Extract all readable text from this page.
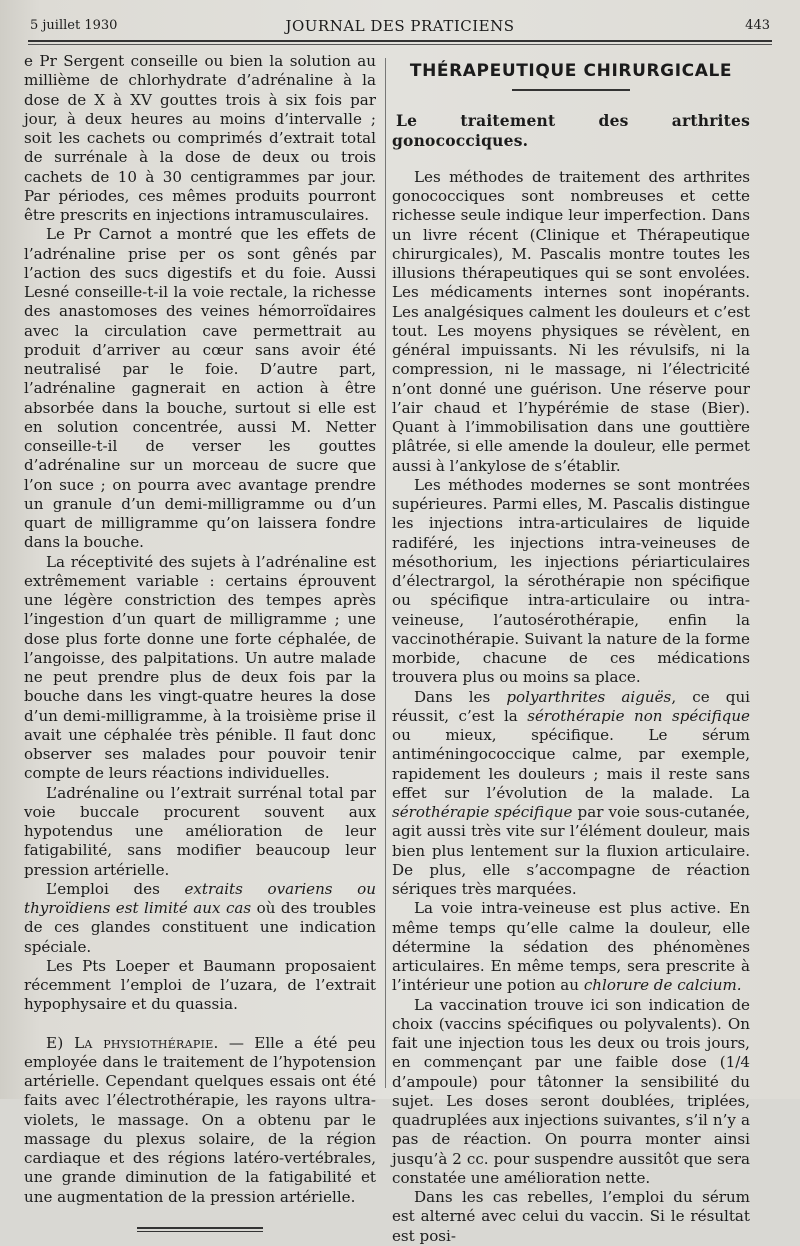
5 juillet 1930	JOURNAL DES PRATICIENS	443

e Pr Sergent conseille ou bien la solution au millième de chlorhydrate d’adrénaline à la dose de X à XV gouttes trois à six fois par jour, à deux heures au moins d’intervalle ; soit les cachets ou comprimés d’extrait total de surrénale à la dose de deux ou trois cachets de 10 à 30 centigrammes par jour. Par périodes, ces mêmes produits pourront être prescrits en injections intramusculaires.

Le Pr Carnot a montré que les effets de l’adrénaline prise per os sont gênés par l’action des sucs digestifs et du foie. Aussi Lesné conseille-t-il la voie rectale, la richesse des anastomoses des veines hémorroïdaires avec la circulation cave permettrait au produit d’arriver au cœur sans avoir été neutralisé par le foie. D’autre part, l’adrénaline gagnerait en action à être absorbée dans la bouche, surtout si elle est en solution concentrée, aussi M. Netter conseille-t-il de verser les gouttes d’adrénaline sur un morceau de sucre que l’on suce ; on pourra avec avantage prendre un granule d’un demi-milligramme ou d’un quart de milligramme qu’on laissera fondre dans la bouche.

La réceptivité des sujets à l’adrénaline est extrêmement variable : certains éprouvent une légère constriction des tempes après l’ingestion d’un quart de milligramme ; une dose plus forte donne une forte céphalée, de l’angoisse, des palpitations. Un autre malade ne peut prendre plus de deux fois par la bouche dans les vingt-quatre heures la dose d’un demi-milligramme, à la troisième prise il avait une céphalée très pénible. Il faut donc observer ses malades pour pouvoir tenir compte de leurs réactions individuelles.

L’adrénaline ou l’extrait surrénal total par voie buccale procurent souvent aux hypotendus une amélioration de leur fatigabilité, sans modifier beaucoup leur pression artérielle.

L’emploi des extraits ovariens ou thyroïdiens est limité aux cas où des troubles de ces glandes constituent une indication spéciale.

Les Pts Loeper et Baumann proposaient récemment l’emploi de l’uzara, de l’extrait hypophysaire et du quassia.

E) La physiothérapie. — Elle a été peu employée dans le traitement de l’hypotension artérielle. Cependant quelques essais ont été faits avec l’électrothérapie, les rayons ultra-violets, le massage. On a obtenu par le massage du plexus solaire, de la région cardiaque et des régions latéro-vertébrales, une grande diminution de la fatigabilité et une augmentation de la pression artérielle.

THÉRAPEUTIQUE CHIRURGICALE
Le traitement des arthrites gonococciques.

Les méthodes de traitement des arthrites gonococciques sont nombreuses et cette richesse seule indique leur imperfection. Dans un livre récent (Clinique et Thérapeutique chirurgicales), M. Pascalis montre toutes les illusions thérapeutiques qui se sont envolées. Les médicaments internes sont inopérants. Les analgésiques calment les douleurs et c’est tout. Les moyens physiques se révèlent, en général impuissants. Ni les révulsifs, ni la compression, ni le massage, ni l’électricité n’ont donné une guérison. Une réserve pour l’air chaud et l’hypérémie de stase (Bier). Quant à l’immobilisation dans une gouttière plâtrée, si elle amende la douleur, elle permet aussi à l’ankylose de s’établir.

Les méthodes modernes se sont montrées supérieures. Parmi elles, M. Pascalis distingue les injections intra-articulaires de liquide radiféré, les injections intra-veineuses de mésothorium, les injections périarticulaires d’électrargol, la sérothérapie non spécifique ou spécifique intra-articulaire ou intra-veineuse, l’autosérothérapie, enfin la vaccinothérapie. Suivant la nature de la forme morbide, chacune de ces médications trouvera plus ou moins sa place.

Dans les polyarthrites aiguës, ce qui réussit, c’est la sérothérapie non spécifique ou mieux, spécifique. Le sérum antiméningococcique calme, par exemple, rapidement les douleurs ; mais il reste sans effet sur l’évolution de la malade. La sérothérapie spécifique par voie sous-cutanée, agit aussi très vite sur l’élément douleur, mais bien plus lentement sur la fluxion articulaire. De plus, elle s’accompagne de réaction sériques très marquées.

La voie intra-veineuse est plus active. En même temps qu’elle calme la douleur, elle détermine la sédation des phénomènes articulaires. En même temps, sera prescrite à l’intérieur une potion au chlorure de calcium.

La vaccination trouve ici son indication de choix (vaccins spécifiques ou polyvalents). On fait une injection tous les deux ou trois jours, en commençant par une faible dose (1/4 d’ampoule) pour tâtonner la sensibilité du sujet. Les doses seront doublées, triplées, quadruplées aux injections suivantes, s’il n’y a pas de réaction. On pourra monter ainsi jusqu’à 2 cc. pour suspendre aussitôt que sera constatée une amélioration nette.

Dans les cas rebelles, l’emploi du sérum est alterné avec celui du vaccin. Si le résultat est posi-
